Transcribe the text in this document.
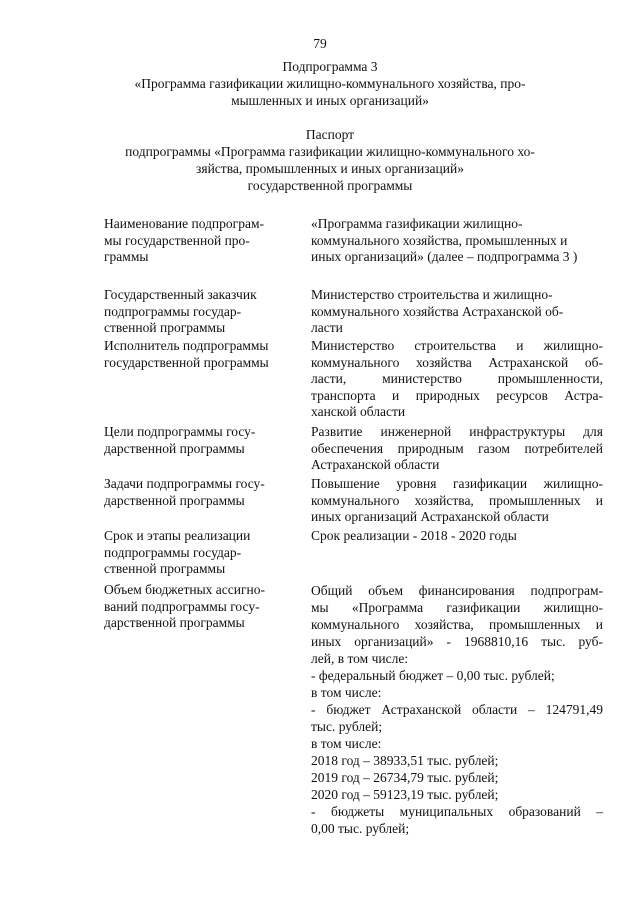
79
Подпрограмма 3
«Программа газификации жилищно-коммунального хозяйства, про-
мышленных и иных организаций»
Паспорт
подпрограммы «Программа газификации жилищно-коммунального хо-
зяйства, промышленных и иных организаций»
государственной программы
Наименование подпрограм-
мы государственной про-
граммы
«Программа газификации жилищно-
коммунального хозяйства, промышленных и
иных организаций» (далее – подпрограмма 3 )
Государственный заказчик
подпрограммы государ-
ственной программы
Министерство строительства и жилищно-
коммунального хозяйства Астраханской об-
ласти
Исполнитель подпрограммы
государственной программы
Министерство строительства и жилищно-
коммунального хозяйства Астраханской об-
ласти, министерство промышленности,
транспорта и природных ресурсов Астра-
ханской области
Цели подпрограммы госу-
дарственной программы
Развитие инженерной инфраструктуры для
обеспечения природным газом потребителей
Астраханской области
Задачи подпрограммы госу-
дарственной программы
Повышение уровня газификации жилищно-
коммунального хозяйства, промышленных и
иных организаций Астраханской области
Срок и этапы реализации
подпрограммы государ-
ственной программы
Срок реализации - 2018 - 2020 годы
Объем бюджетных ассигно-
ваний подпрограммы госу-
дарственной программы
Общий объем финансирования подпрограм-
мы «Программа газификации жилищно-
коммунального хозяйства, промышленных и
иных организаций» - 1968810,16 тыс. руб-
лей, в том числе:
- федеральный бюджет – 0,00 тыс. рублей;
в том числе:
- бюджет Астраханской области – 124791,49
тыс. рублей;
в том числе:
2018 год – 38933,51 тыс. рублей;
2019 год – 26734,79 тыс. рублей;
2020 год – 59123,19 тыс. рублей;
- бюджеты муниципальных образований –
0,00 тыс. рублей;
